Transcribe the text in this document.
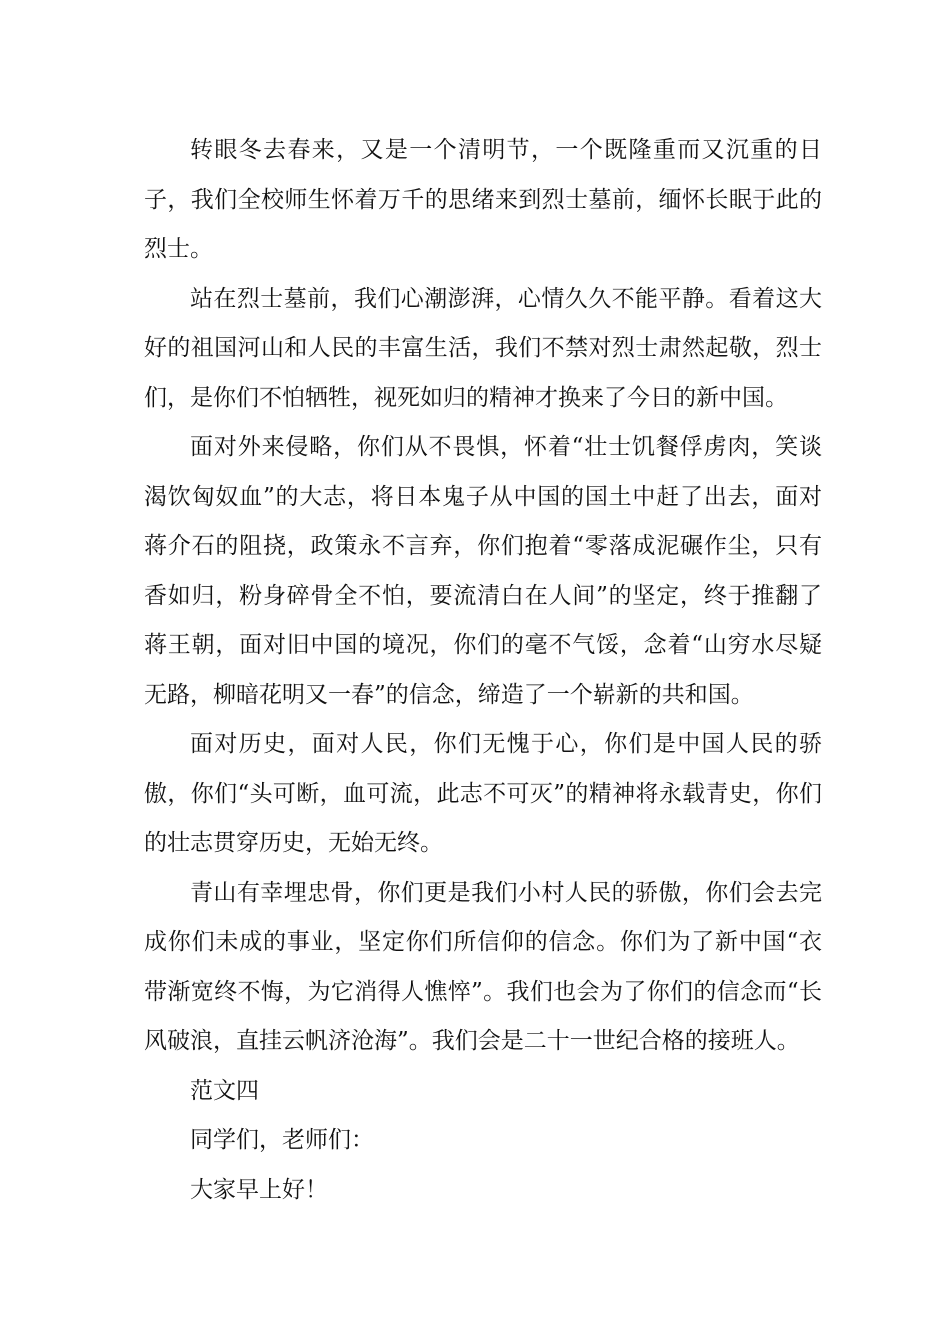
转眼冬去春来，又是一个清明节，一个既隆重而又沉重的日子，我们全校师生怀着万千的思绪来到烈士墓前，缅怀长眠于此的烈士。

站在烈士墓前，我们心潮澎湃，心情久久不能平静。看着这大好的祖国河山和人民的丰富生活，我们不禁对烈士肃然起敬，烈士们，是你们不怕牺牲，视死如归的精神才换来了今日的新中国。

面对外来侵略，你们从不畏惧，怀着“壮士饥餐俘虏肉，笑谈渴饮匈奴血”的大志，将日本鬼子从中国的国土中赶了出去，面对蒋介石的阻挠，政策永不言弃，你们抱着“零落成泥碾作尘，只有香如归，粉身碎骨全不怕，要流清白在人间”的坚定，终于推翻了蒋王朝，面对旧中国的境况，你们的毫不气馁，念着“山穷水尽疑无路，柳暗花明又一春”的信念，缔造了一个崭新的共和国。

面对历史，面对人民，你们无愧于心，你们是中国人民的骄傲，你们“头可断，血可流，此志不可灭”的精神将永载青史，你们的壮志贯穿历史，无始无终。

青山有幸埋忠骨，你们更是我们小村人民的骄傲，你们会去完成你们未成的事业，坚定你们所信仰的信念。你们为了新中国“衣带渐宽终不悔，为它消得人憔悴”。我们也会为了你们的信念而“长风破浪，直挂云帆济沧海”。我们会是二十一世纪合格的接班人。

范文四

同学们，老师们：

大家早上好！
